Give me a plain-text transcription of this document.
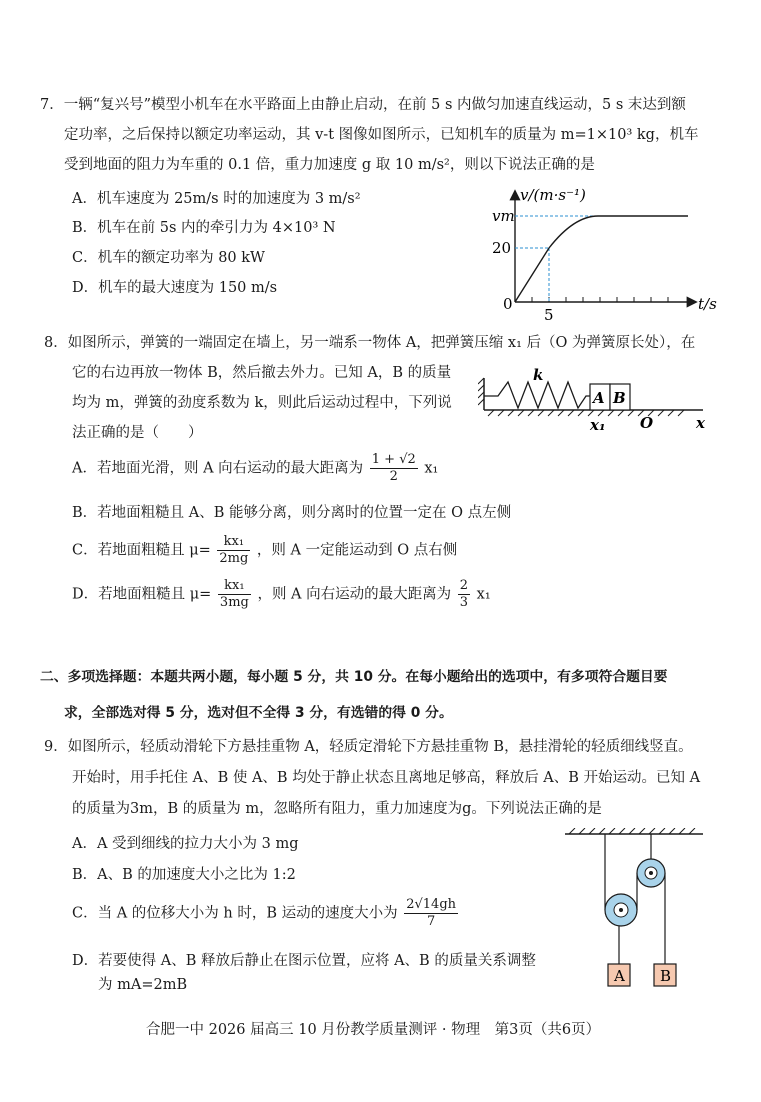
7．一辆“复兴号”模型小机车在水平路面上由静止启动，在前 5 s 内做匀加速直线运动，5 s 末达到额
定功率，之后保持以额定功率运动，其 v-t 图像如图所示，已知机车的质量为 m=1×10³ kg，机车
受到地面的阻力为车重的 0.1 倍，重力加速度 g 取 10 m/s²，则以下说法正确的是
A．机车速度为 25m/s 时的加速度为 3 m/s²
B．机车在前 5s 内的牵引力为 4×10³ N
C．机车的额定功率为 80 kW
D．机车的最大速度为 150 m/s
v/(m·s⁻¹)
vm
20
0
5
t/s
8．如图所示，弹簧的一端固定在墙上，另一端系一物体 A，把弹簧压缩 x₁ 后（O 为弹簧原长处），在
它的右边再放一物体 B，然后撤去外力。已知 A，B 的质量
均为 m，弹簧的劲度系数为 k，则此后运动过程中，下列说
法正确的是（　　）
k
A B
x₁ O	x
A．若地面光滑，则 A 向右运动的最大距离为 $\frac{1 + √2}{2} x_1$
B．若地面粗糙且 A、B 能够分离，则分离时的位置一定在 O 点左侧
C．若地面粗糙且 $\mu= \frac{\text{kx₁}}{2mg}$ ，则 A 一定能运动到 O 点右侧
D．若地面粗糙且 $\mu= \frac{\text{kx₁}}{3mg}$ ，则 A 向右运动的最大距离为 $\frac{2}{3} x_1$
二、多项选择题：本题共两小题，每小题 5 分，共 10 分。在每小题给出的选项中，有多项符合题目要
求，全部选对得 5 分，选对但不全得 3 分，有选错的得 0 分。
9．如图所示，轻质动滑轮下方悬挂重物 A，轻质定滑轮下方悬挂重物 B，悬挂滑轮的轻质细线竖直。
开始时，用手托住 A、B 使 A、B 均处于静止状态且离地足够高，释放后 A、B 开始运动。已知 A
的质量为3m，B 的质量为 m，忽略所有阻力，重力加速度为g。下列说法正确的是
A．A 受到细线的拉力大小为 3 mg
B．A、B 的加速度大小之比为 1:2
C．当 A 的位移大小为 h 时，B 运动的速度大小为 $\frac{2√14gh}{7}$
D．若要使得 A、B 释放后静止在图示位置，应将 A、B 的质量关系调整
为 mA=2mB	A B
合肥一中 2026 届高三 10 月份教学质量测评 · 物理　第3页（共6页）
